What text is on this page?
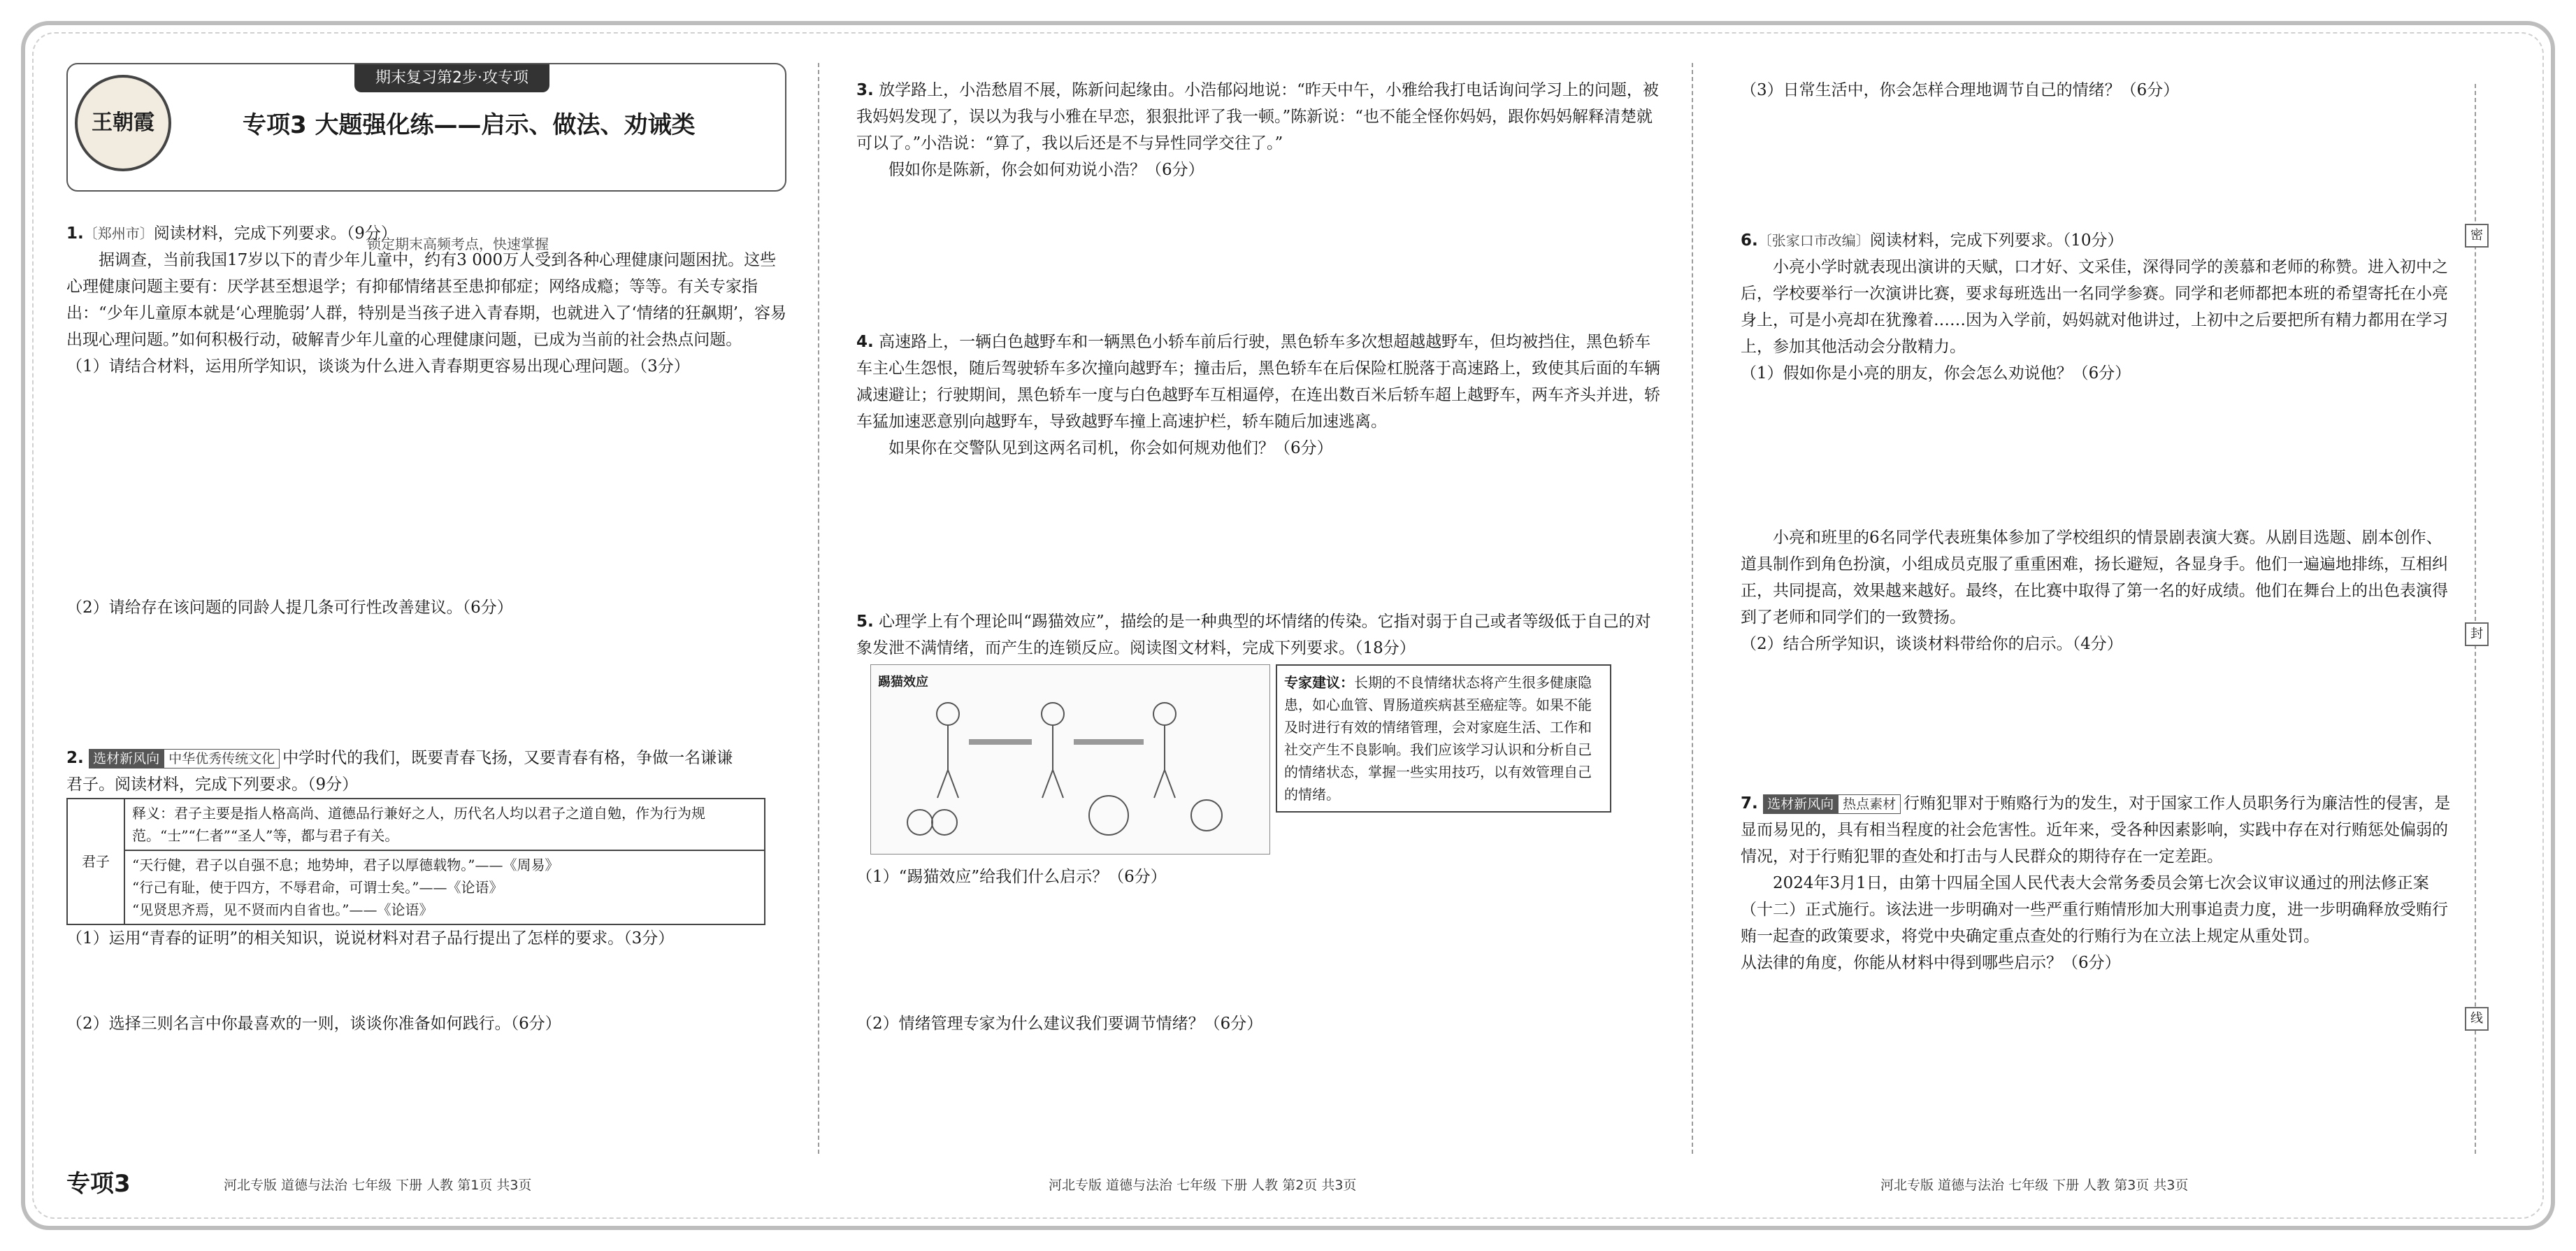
王朝霞
期末复习第2步·攻专项
专项3 大题强化练——启示、做法、劝诫类
锁定期末高频考点，快速掌握

1.〔郑州市〕阅读材料，完成下列要求。（9分）

据调查，当前我国17岁以下的青少年儿童中，约有3 000万人受到各种心理健康问题困扰。这些心理健康问题主要有：厌学甚至想退学；有抑郁情绪甚至患抑郁症；网络成瘾；等等。有关专家指出：“少年儿童原本就是‘心理脆弱’人群，特别是当孩子进入青春期，也就进入了‘情绪的狂飙期’，容易出现心理问题。”如何积极行动，破解青少年儿童的心理健康问题，已成为当前的社会热点问题。

（1）请结合材料，运用所学知识，谈谈为什么进入青春期更容易出现心理问题。（3分）

（2）请给存在该问题的同龄人提几条可行性改善建议。（6分）

2. 选材新风向 中华优秀传统文化 中学时代的我们，既要青春飞扬，又要青春有格，争做一名谦谦

君子。阅读材料，完成下列要求。（9分）

君子	释义：君子主要是指人格高尚、道德品行兼好之人，历代名人均以君子之道自勉，作为行为规范。“士”“仁者”“圣人”等，都与君子有关。

“天行健，君子以自强不息；地势坤，君子以厚德载物。”——《周易》
“行己有耻，使于四方，不辱君命，可谓士矣。”——《论语》
“见贤思齐焉，见不贤而内自省也。”——《论语》

（1）运用“青春的证明”的相关知识，说说材料对君子品行提出了怎样的要求。（3分）

（2）选择三则名言中你最喜欢的一则，谈谈你准备如何践行。（6分）

3. 放学路上，小浩愁眉不展，陈新问起缘由。小浩郁闷地说：“昨天中午，小雅给我打电话询问学习上的问题，被我妈妈发现了，误以为我与小雅在早恋，狠狠批评了我一顿。”陈新说：“也不能全怪你妈妈，跟你妈妈解释清楚就可以了。”小浩说：“算了，我以后还是不与异性同学交往了。”

假如你是陈新，你会如何劝说小浩？（6分）

4. 高速路上，一辆白色越野车和一辆黑色小轿车前后行驶，黑色轿车多次想超越越野车，但均被挡住，黑色轿车车主心生怨恨，随后驾驶轿车多次撞向越野车；撞击后，黑色轿车在后保险杠脱落于高速路上，致使其后面的车辆减速避让；行驶期间，黑色轿车一度与白色越野车互相逼停，在连出数百米后轿车超上越野车，两车齐头并进，轿车猛加速恶意别向越野车，导致越野车撞上高速护栏，轿车随后加速逃离。

如果你在交警队见到这两名司机，你会如何规劝他们？（6分）

5. 心理学上有个理论叫“踢猫效应”，描绘的是一种典型的坏情绪的传染。它指对弱于自己或者等级低于自己的对象发泄不满情绪，而产生的连锁反应。阅读图文材料，完成下列要求。（18分）

踢猫效应	专家建议：长期的不良情绪状态将产生很多健康隐患，如心血管、胃肠道疾病甚至癌症等。如果不能及时进行有效的情绪管理，会对家庭生活、工作和社交产生不良影响。我们应该学习认识和分析自己的情绪状态，掌握一些实用技巧，以有效管理自己的情绪。

（1）“踢猫效应”给我们什么启示？（6分）

（2）情绪管理专家为什么建议我们要调节情绪？（6分）

（3）日常生活中，你会怎样合理地调节自己的情绪？（6分）

6.〔张家口市改编〕阅读材料，完成下列要求。（10分）

小亮小学时就表现出演讲的天赋，口才好、文采佳，深得同学的羡慕和老师的称赞。进入初中之后，学校要举行一次演讲比赛，要求每班选出一名同学参赛。同学和老师都把本班的希望寄托在小亮身上，可是小亮却在犹豫着……因为入学前，妈妈就对他讲过，上初中之后要把所有精力都用在学习上，参加其他活动会分散精力。

（1）假如你是小亮的朋友，你会怎么劝说他？（6分）

小亮和班里的6名同学代表班集体参加了学校组织的情景剧表演大赛。从剧目选题、剧本创作、道具制作到角色扮演，小组成员克服了重重困难，扬长避短，各显身手。他们一遍遍地排练，互相纠正，共同提高，效果越来越好。最终，在比赛中取得了第一名的好成绩。他们在舞台上的出色表演得到了老师和同学们的一致赞扬。

（2）结合所学知识，谈谈材料带给你的启示。（4分）

7. 选材新风向 热点素材 行贿犯罪对于贿赂行为的发生，对于国家工作人员职务行为廉洁性的侵害，是显而易见的，具有相当程度的社会危害性。近年来，受各种因素影响，实践中存在对行贿惩处偏弱的情况，对于行贿犯罪的查处和打击与人民群众的期待存在一定差距。

2024年3月1日，由第十四届全国人民代表大会常务委员会第七次会议审议通过的刑法修正案（十二）正式施行。该法进一步明确对一些严重行贿情形加大刑事追责力度，进一步明确释放受贿行贿一起查的政策要求，将党中央确定重点查处的行贿行为在立法上规定从重处罚。

从法律的角度，你能从材料中得到哪些启示？（6分）

密
封
线
专项3	河北专版 道德与法治 七年级 下册 人教 第1页 共3页	河北专版 道德与法治 七年级 下册 人教 第2页 共3页	河北专版 道德与法治 七年级 下册 人教 第3页 共3页
